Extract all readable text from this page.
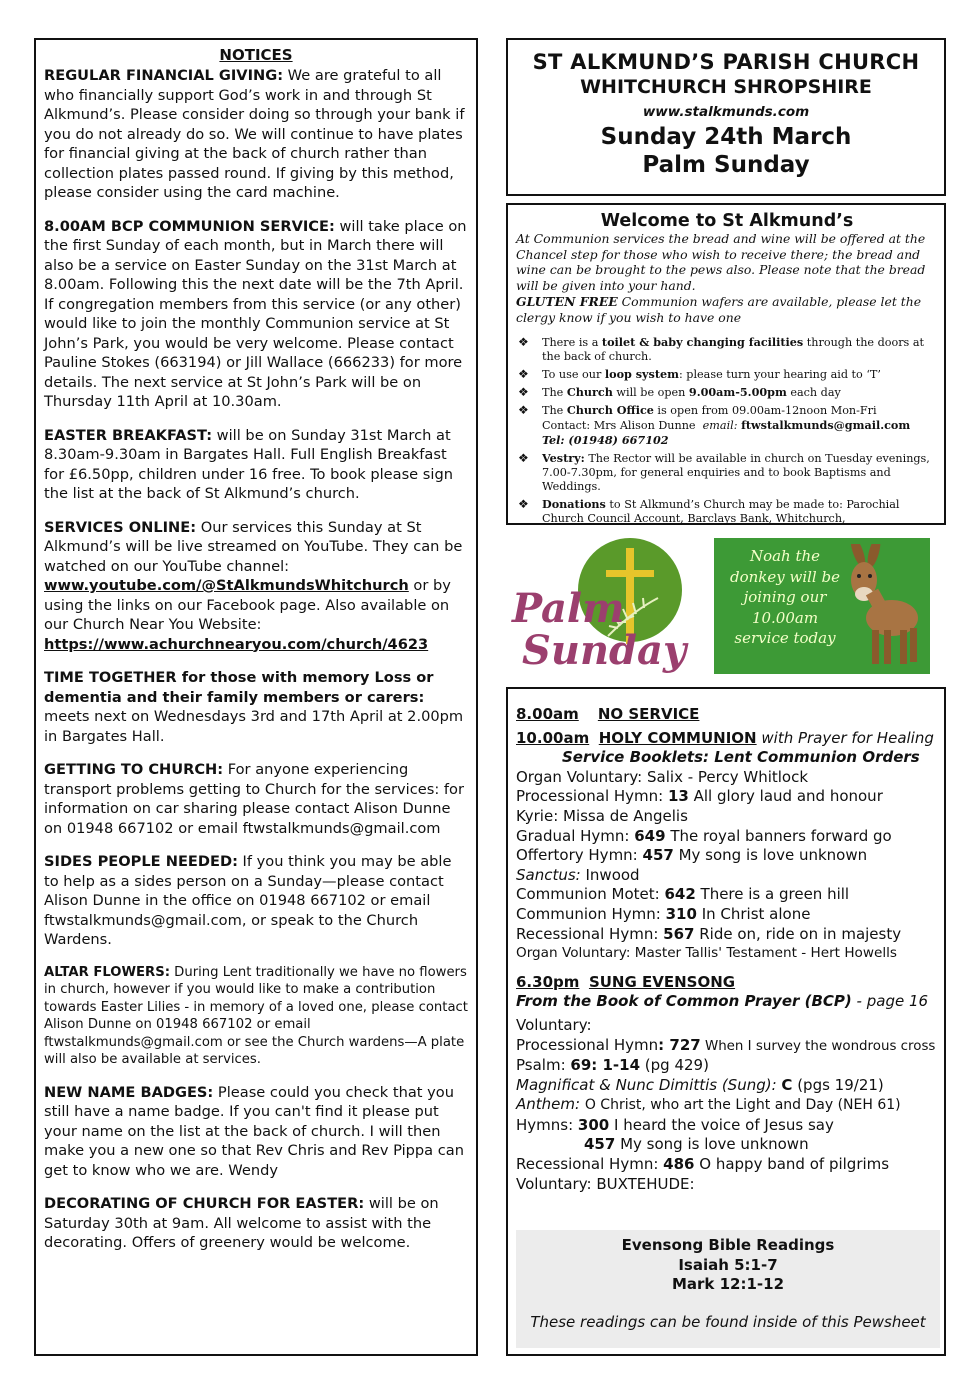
NOTICES

REGULAR FINANCIAL GIVING: We are grateful to all who financially support God’s work in and through St Alkmund’s. Please consider doing so through your bank if you do not already do so. We will continue to have plates for financial giving at the back of church rather than collection plates passed round. If giving by this method, please consider using the card machine.

8.00AM BCP COMMUNION SERVICE: will take place on the first Sunday of each month, but in March there will also be a service on Easter Sunday on the 31st March at 8.00am. Following this the next date will be the 7th April. If congregation members from this service (or any other) would like to join the monthly Communion service at St John’s Park, you would be very welcome. Please contact Pauline Stokes (663194) or Jill Wallace (666233) for more details. The next service at St John’s Park will be on Thursday 11th April at 10.30am.

EASTER BREAKFAST: will be on Sunday 31st March at 8.30am-9.30am in Bargates Hall. Full English Breakfast for £6.50pp, children under 16 free. To book please sign the list at the back of St Alkmund’s church.

SERVICES ONLINE: Our services this Sunday at St Alkmund’s will be live streamed on YouTube. They can be watched on our YouTube channel: www.youtube.com/@StAlkmundsWhitchurch or by using the links on our Facebook page. Also available on our Church Near You Website: https://www.achurchnearyou.com/church/4623

TIME TOGETHER for those with memory Loss or dementia and their family members or carers: meets next on Wednesdays 3rd and 17th April at 2.00pm in Bargates Hall.

GETTING TO CHURCH: For anyone experiencing transport problems getting to Church for the services: for information on car sharing please contact Alison Dunne on 01948 667102 or email ftwstalkmunds@gmail.com

SIDES PEOPLE NEEDED: If you think you may be able to help as a sides person on a Sunday—please contact Alison Dunne in the office on 01948 667102 or email ftwstalkmunds@gmail.com, or speak to the Church Wardens.

ALTAR FLOWERS: During Lent traditionally we have no flowers in church, however if you would like to make a contribution towards Easter Lilies - in memory of a loved one, please contact Alison Dunne on 01948 667102 or email ftwstalkmunds@gmail.com or see the Church wardens—A plate will also be available at services.

NEW NAME BADGES: Please could you check that you still have a name badge. If you can't find it please put your name on the list at the back of church. I will then make you a new one so that Rev Chris and Rev Pippa can get to know who we are. Wendy

DECORATING OF CHURCH FOR EASTER: will be on Saturday 30th at 9am. All welcome to assist with the decorating. Offers of greenery would be welcome.

ST ALKMUND’S PARISH CHURCH
WHITCHURCH SHROPSHIRE
www.stalkmunds.com
Sunday 24th March
Palm Sunday
Welcome to St Alkmund’s

At Communion services the bread and wine will be offered at the Chancel step for those who wish to receive there; the bread and wine can be brought to the pews also. Please note that the bread will be given into your hand.

GLUTEN FREE Communion wafers are available, please let the clergy know if you wish to have one

❖ There is a toilet & baby changing facilities through the doors at the back of church.
❖ To use our loop system: please turn your hearing aid to ‘T’
❖ The Church will be open 9.00am-5.00pm each day
❖ The Church Office is open from 09.00am-12noon Mon-Fri
Contact: Mrs Alison Dunne email: ftwstalkmunds@gmail.com
Tel: (01948) 667102
❖ Vestry: The Rector will be available in church on Tuesday evenings, 7.00-7.30pm, for general enquiries and to book Baptisms and Weddings.
❖ Donations to St Alkmund’s Church may be made to: Parochial Church Council Account, Barclays Bank, Whitchurch,
Palm
Sunday
Noah the donkey will be joining our 10.00am service today
8.00am NO SERVICE
10.00am HOLY COMMUNION with Prayer for Healing
Service Booklets: Lent Communion Orders
Organ Voluntary: Salix - Percy Whitlock
Processional Hymn: 13 All glory laud and honour
Kyrie: Missa de Angelis
Gradual Hymn: 649 The royal banners forward go
Offertory Hymn: 457 My song is love unknown
Sanctus: Inwood
Communion Motet: 642 There is a green hill
Communion Hymn: 310 In Christ alone
Recessional Hymn: 567 Ride on, ride on in majesty
Organ Voluntary: Master Tallis' Testament - Hert Howells
6.30pm SUNG EVENSONG
From the Book of Common Prayer (BCP) - page 16
Voluntary:
Processional Hymn: 727 When I survey the wondrous cross
Psalm: 69: 1-14 (pg 429)
Magnificat & Nunc Dimittis (Sung): C (pgs 19/21)
Anthem: O Christ, who art the Light and Day (NEH 61)
Hymns: 300 I heard the voice of Jesus say
457 My song is love unknown
Recessional Hymn: 486 O happy band of pilgrims
Voluntary: BUXTEHUDE:
Evensong Bible Readings
Isaiah 5:1-7
Mark 12:1-12
These readings can be found inside of this Pewsheet
